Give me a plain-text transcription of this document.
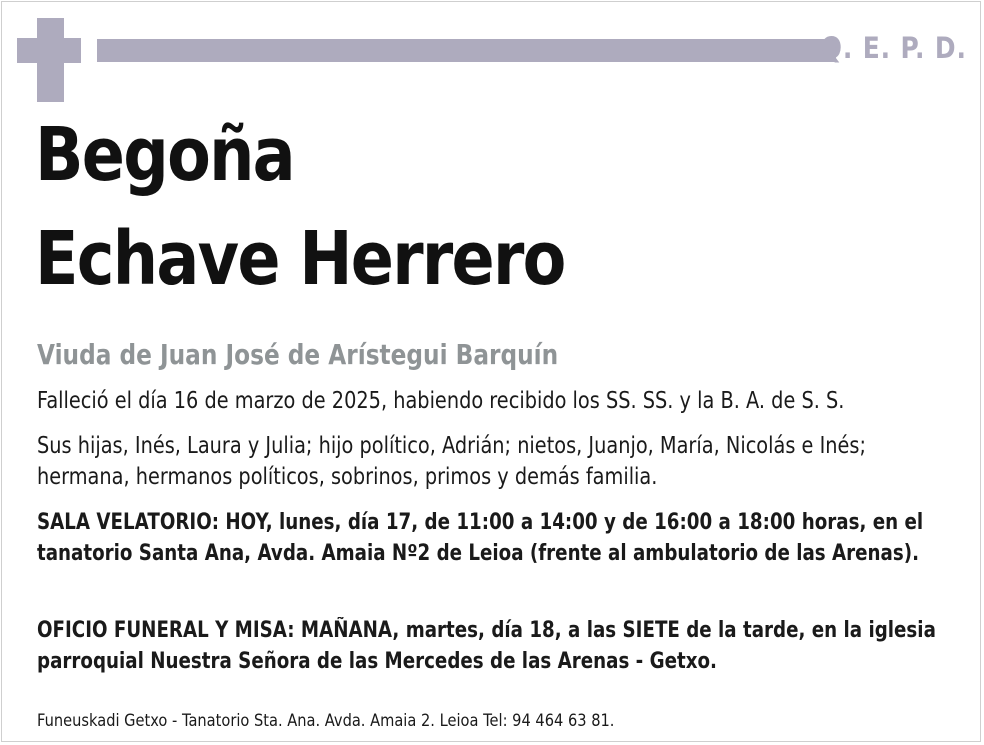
Q. E. P. D.
Begoña
Echave Herrero
Viuda de Juan José de Arístegui Barquín
Falleció el día 16 de marzo de 2025, habiendo recibido los SS. SS. y la B. A. de S. S.
Sus hijas, Inés, Laura y Julia; hijo político, Adrián; nietos, Juanjo, María, Nicolás e Inés; hermana, hermanos políticos, sobrinos, primos y demás familia.
SALA VELATORIO: HOY, lunes, día 17, de 11:00 a 14:00 y de 16:00 a 18:00 horas, en el tanatorio Santa Ana, Avda. Amaia Nº2 de Leioa (frente al ambulatorio de las Arenas).
OFICIO FUNERAL Y MISA: MAÑANA, martes, día 18, a las SIETE de la tarde, en la iglesia parroquial Nuestra Señora de las Mercedes de las Arenas - Getxo.
Funeuskadi Getxo - Tanatorio Sta. Ana. Avda. Amaia 2. Leioa Tel: 94 464 63 81.
